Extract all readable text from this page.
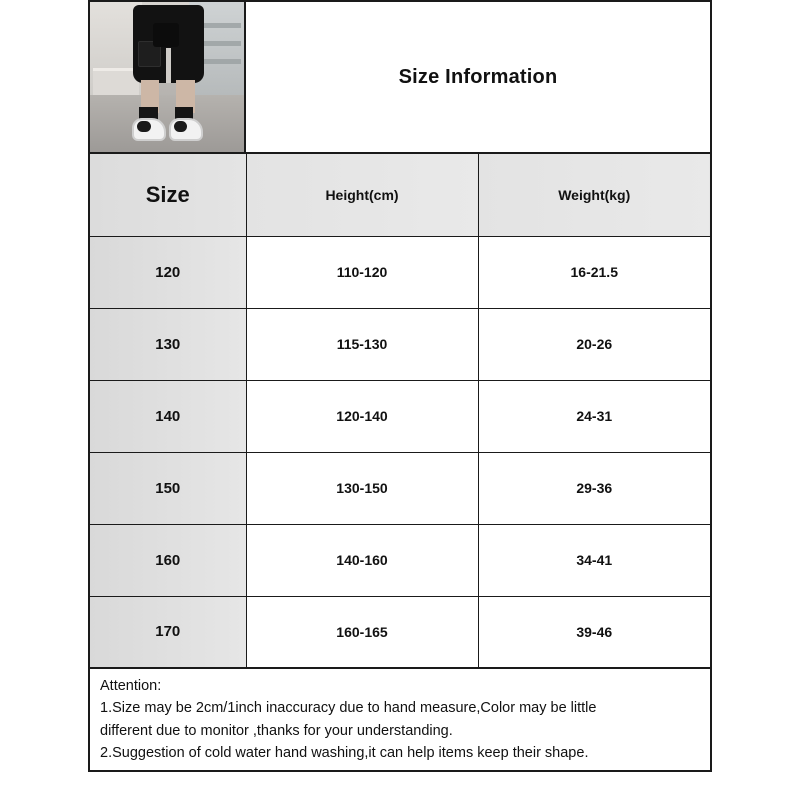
Size Information
Size	Height(cm)	Weight(kg)
120	110-120	16-21.5
130	115-130	20-26
140	120-140	24-31
150	130-150	29-36
160	140-160	34-41
170	160-165	39-46
Attention:
1.Size may be 2cm/1inch inaccuracy due to hand measure,Color may be little
different due to monitor ,thanks for your understanding.
2.Suggestion of cold water hand washing,it can help items keep their shape.
